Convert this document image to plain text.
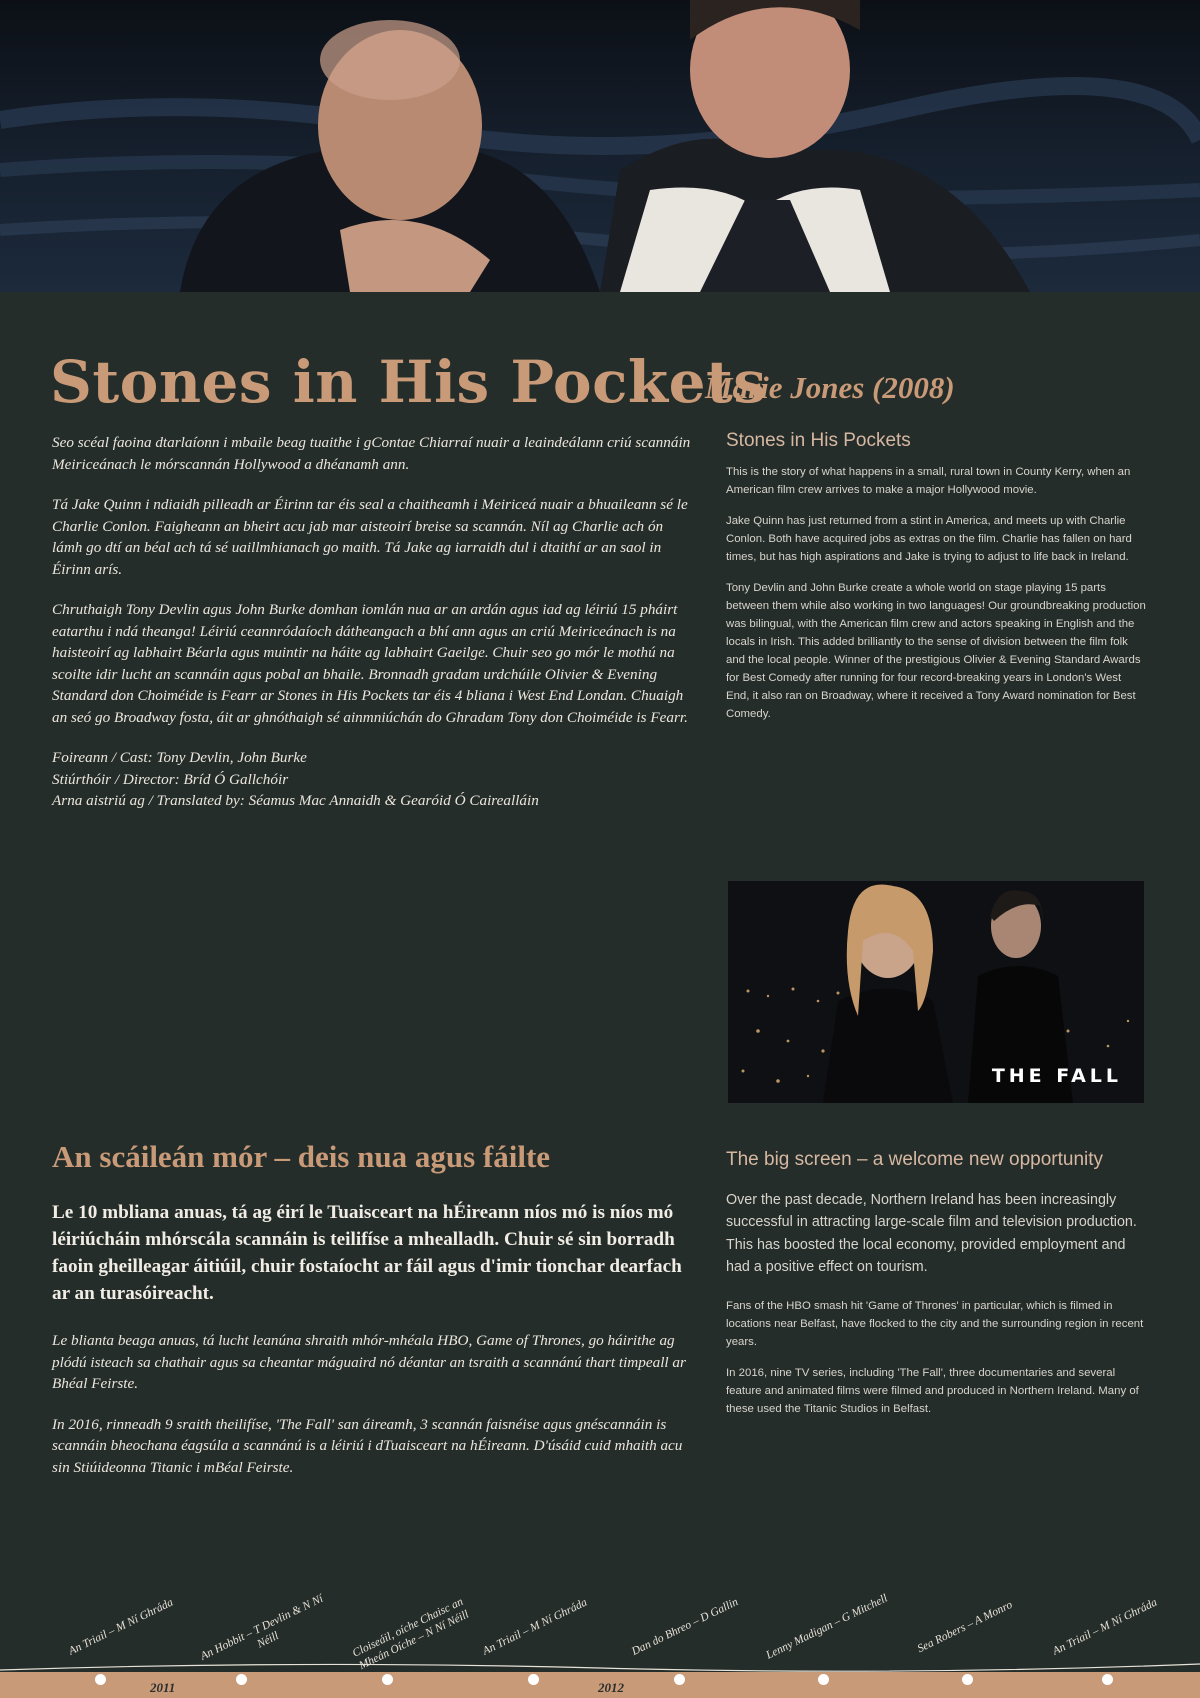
Stones in His Pockets
Marie Jones (2008)

Seo scéal faoina dtarlaíonn i mbaile beag tuaithe i gContae Chiarraí nuair a leaindeálann criú scannáin Meiriceánach le mórscannán Hollywood a dhéanamh ann.

Tá Jake Quinn i ndiaidh pilleadh ar Éirinn tar éis seal a chaitheamh i Meiriceá nuair a bhuaileann sé le Charlie Conlon. Faigheann an bheirt acu jab mar aisteoirí breise sa scannán. Níl ag Charlie ach ón lámh go dtí an béal ach tá sé uaillmhianach go maith. Tá Jake ag iarraidh dul i dtaithí ar an saol in Éirinn arís.

Chruthaigh Tony Devlin agus John Burke domhan iomlán nua ar an ardán agus iad ag léiriú 15 pháirt eatarthu i ndá theanga! Léiriú ceannródaíoch dátheangach a bhí ann agus an criú Meiriceánach is na haisteoirí ag labhairt Béarla agus muintir na háite ag labhairt Gaeilge. Chuir seo go mór le mothú na scoilte idir lucht an scannáin agus pobal an bhaile. Bronnadh gradam urdchúile Olivier & Evening Standard don Choiméide is Fearr ar Stones in His Pockets tar éis 4 bliana i West End Londan. Chuaigh an seó go Broadway fosta, áit ar ghnóthaigh sé ainmniúchán do Ghradam Tony don Choiméide is Fearr.

Foireann / Cast: Tony Devlin, John Burke

Stiúrthóir / Director: Bríd Ó Gallchóir

Arna aistriú ag / Translated by: Séamus Mac Annaidh & Gearóid Ó Cairealláin

Stones in His Pockets

This is the story of what happens in a small, rural town in County Kerry, when an American film crew arrives to make a major Hollywood movie.

Jake Quinn has just returned from a stint in America, and meets up with Charlie Conlon. Both have acquired jobs as extras on the film. Charlie has fallen on hard times, but has high aspirations and Jake is trying to adjust to life back in Ireland.

Tony Devlin and John Burke create a whole world on stage playing 15 parts between them while also working in two languages! Our groundbreaking production was bilingual, with the American film crew and actors speaking in English and the locals in Irish. This added brilliantly to the sense of division between the film folk and the local people. Winner of the prestigious Olivier & Evening Standard Awards for Best Comedy after running for four record-breaking years in London's West End, it also ran on Broadway, where it received a Tony Award nomination for Best Comedy.

THE FALL
An scáileán mór – deis nua agus fáilte

Le 10 mbliana anuas, tá ag éirí le Tuaisceart na hÉireann níos mó is níos mó léiriúcháin mhórscála scannáin is teilifíse a mhealladh. Chuir sé sin borradh faoin gheilleagar áitiúil, chuir fostaíocht ar fáil agus d'imir tionchar dearfach ar an turasóireacht.

Le blianta beaga anuas, tá lucht leanúna shraith mhór-mhéala HBO, Game of Thrones, go háirithe ag plódú isteach sa chathair agus sa cheantar máguaird nó déantar an tsraith a scannánú thart timpeall ar Bhéal Feirste.

In 2016, rinneadh 9 sraith theilifíse, 'The Fall' san áireamh, 3 scannán faisnéise agus gnéscannáin is scannáin bheochana éagsúla a scannánú is a léiriú i dTuaisceart na hÉireann. D'úsáid cuid mhaith acu sin Stiúideonna Titanic i mBéal Feirste.

The big screen – a welcome new opportunity

Over the past decade, Northern Ireland has been increasingly successful in attracting large-scale film and television production. This has boosted the local economy, provided employment and had a positive effect on tourism.

Fans of the HBO smash hit 'Game of Thrones' in particular, which is filmed in locations near Belfast, have flocked to the city and the surrounding region in recent years.

In 2016, nine TV series, including 'The Fall', three documentaries and several feature and animated films were filmed and produced in Northern Ireland. Many of these used the Titanic Studios in Belfast.

An Triail – M Ní Ghráda	An Hobbit – T Devlin & N Ní Néill	Cloiseáil, oíche Chaisc an Mheán Oíche – N Ní Néill An Triail – M Ní Ghráda	Dan do Bhreo – D Gallin	Lenny Madigan – G Mitchell	Sea Robers – A Monro	An Triail – M Ní Ghráda
2011	2012
